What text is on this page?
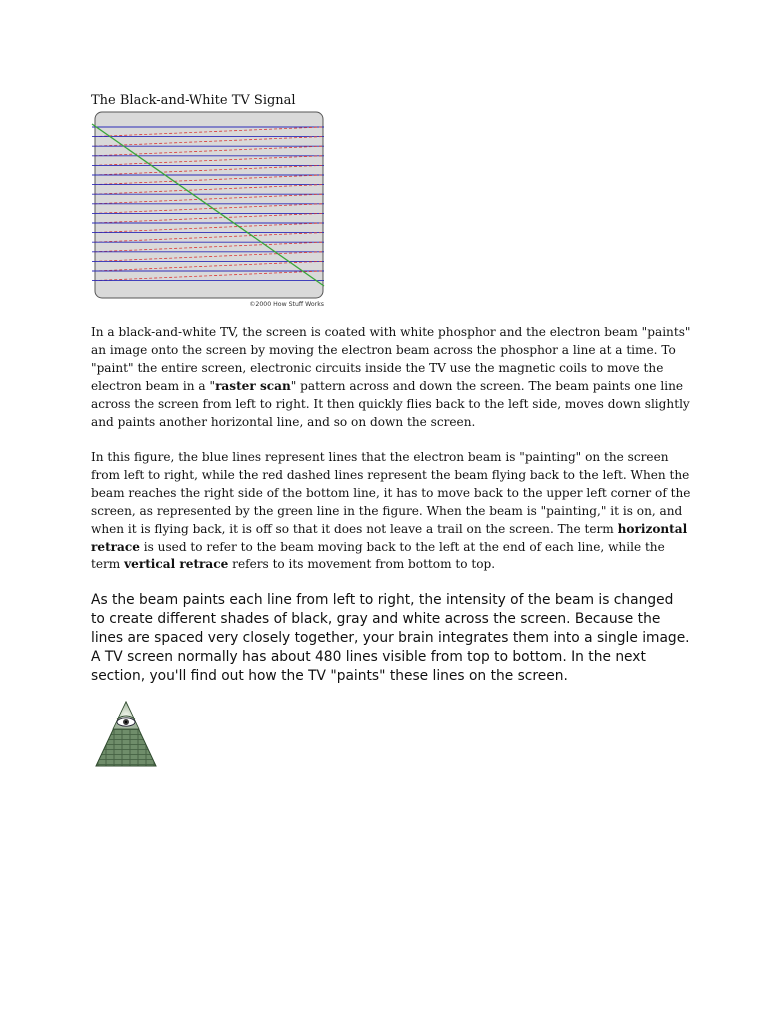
The Black-and-White TV Signal
©2000 How Stuff Works

In a black-and-white TV, the screen is coated with white phosphor and the electron beam "paints" an image onto the screen by moving the electron beam across the phosphor a line at a time. To "paint" the entire screen, electronic circuits inside the TV use the magnetic coils to move the electron beam in a "raster scan" pattern across and down the screen. The beam paints one line across the screen from left to right. It then quickly flies back to the left side, moves down slightly and paints another horizontal line, and so on down the screen.

In this figure, the blue lines represent lines that the electron beam is "painting" on the screen from left to right, while the red dashed lines represent the beam flying back to the left. When the beam reaches the right side of the bottom line, it has to move back to the upper left corner of the screen, as represented by the green line in the figure. When the beam is "painting," it is on, and when it is flying back, it is off so that it does not leave a trail on the screen. The term horizontal retrace is used to refer to the beam moving back to the left at the end of each line, while the term vertical retrace refers to its movement from bottom to top.

As the beam paints each line from left to right, the intensity of the beam is changed to create different shades of black, gray and white across the screen. Because the lines are spaced very closely together, your brain integrates them into a single image. A TV screen normally has about 480 lines visible from top to bottom. In the next section, you'll find out how the TV "paints" these lines on the screen.
